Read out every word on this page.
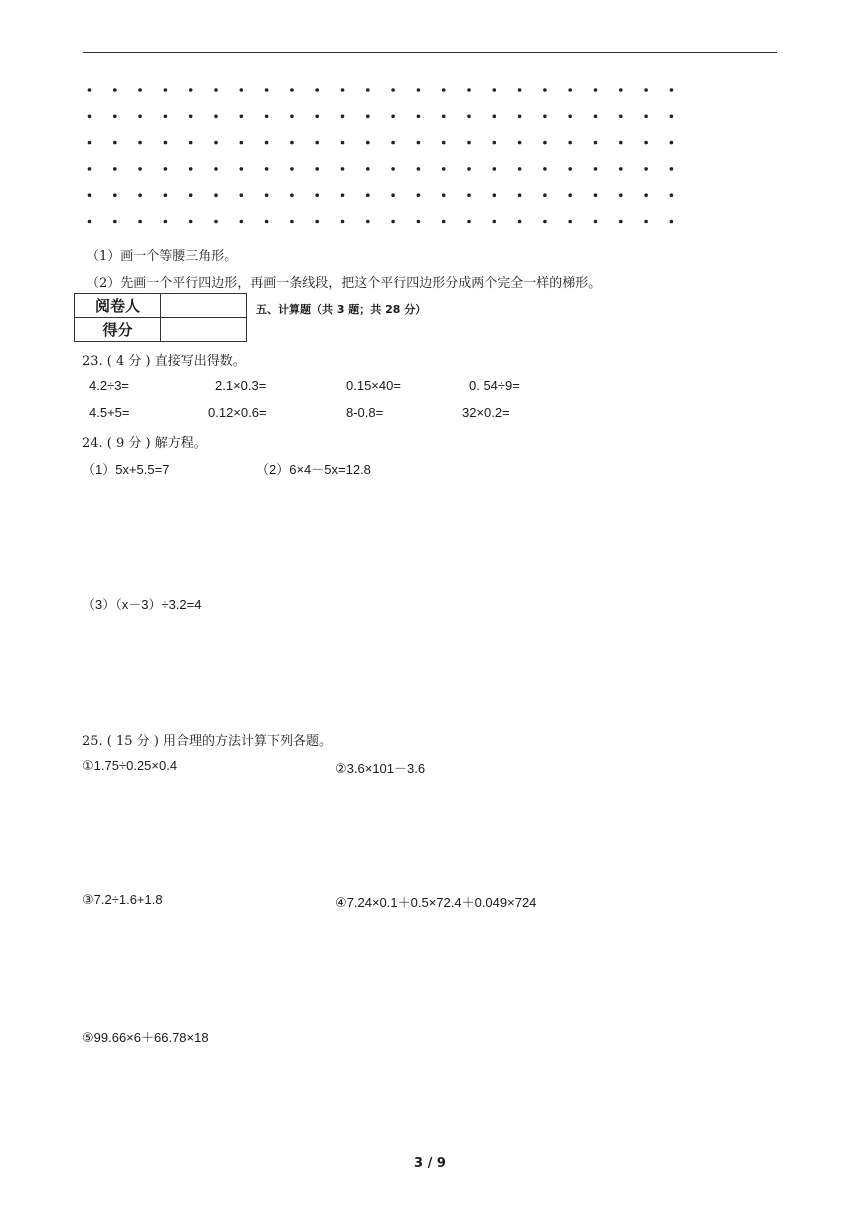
（1）画一个等腰三角形。
（2）先画一个平行四边形，再画一条线段，把这个平行四边形分成两个完全一样的梯形。
阅卷人	
得分	
五、计算题（共 3 题；共 28 分）
23. ( 4 分 ) 直接写出得数。
4.2÷3=	2.1×0.3=	0.15×40=	0. 54÷9=
4.5+5=	0.12×0.6=	8-0.8=	32×0.2=
24. ( 9 分 ) 解方程。
（1）5x+5.5=7	（2）6×4－5x=12.8
（3）（x－3）÷3.2=4
25. ( 15 分 ) 用合理的方法计算下列各题。
①1.75÷0.25×0.4	②3.6×101－3.6
③7.2÷1.6+1.8	④7.24×0.1＋0.5×72.4＋0.049×724
⑤99.66×6＋66.78×18
3 / 9
